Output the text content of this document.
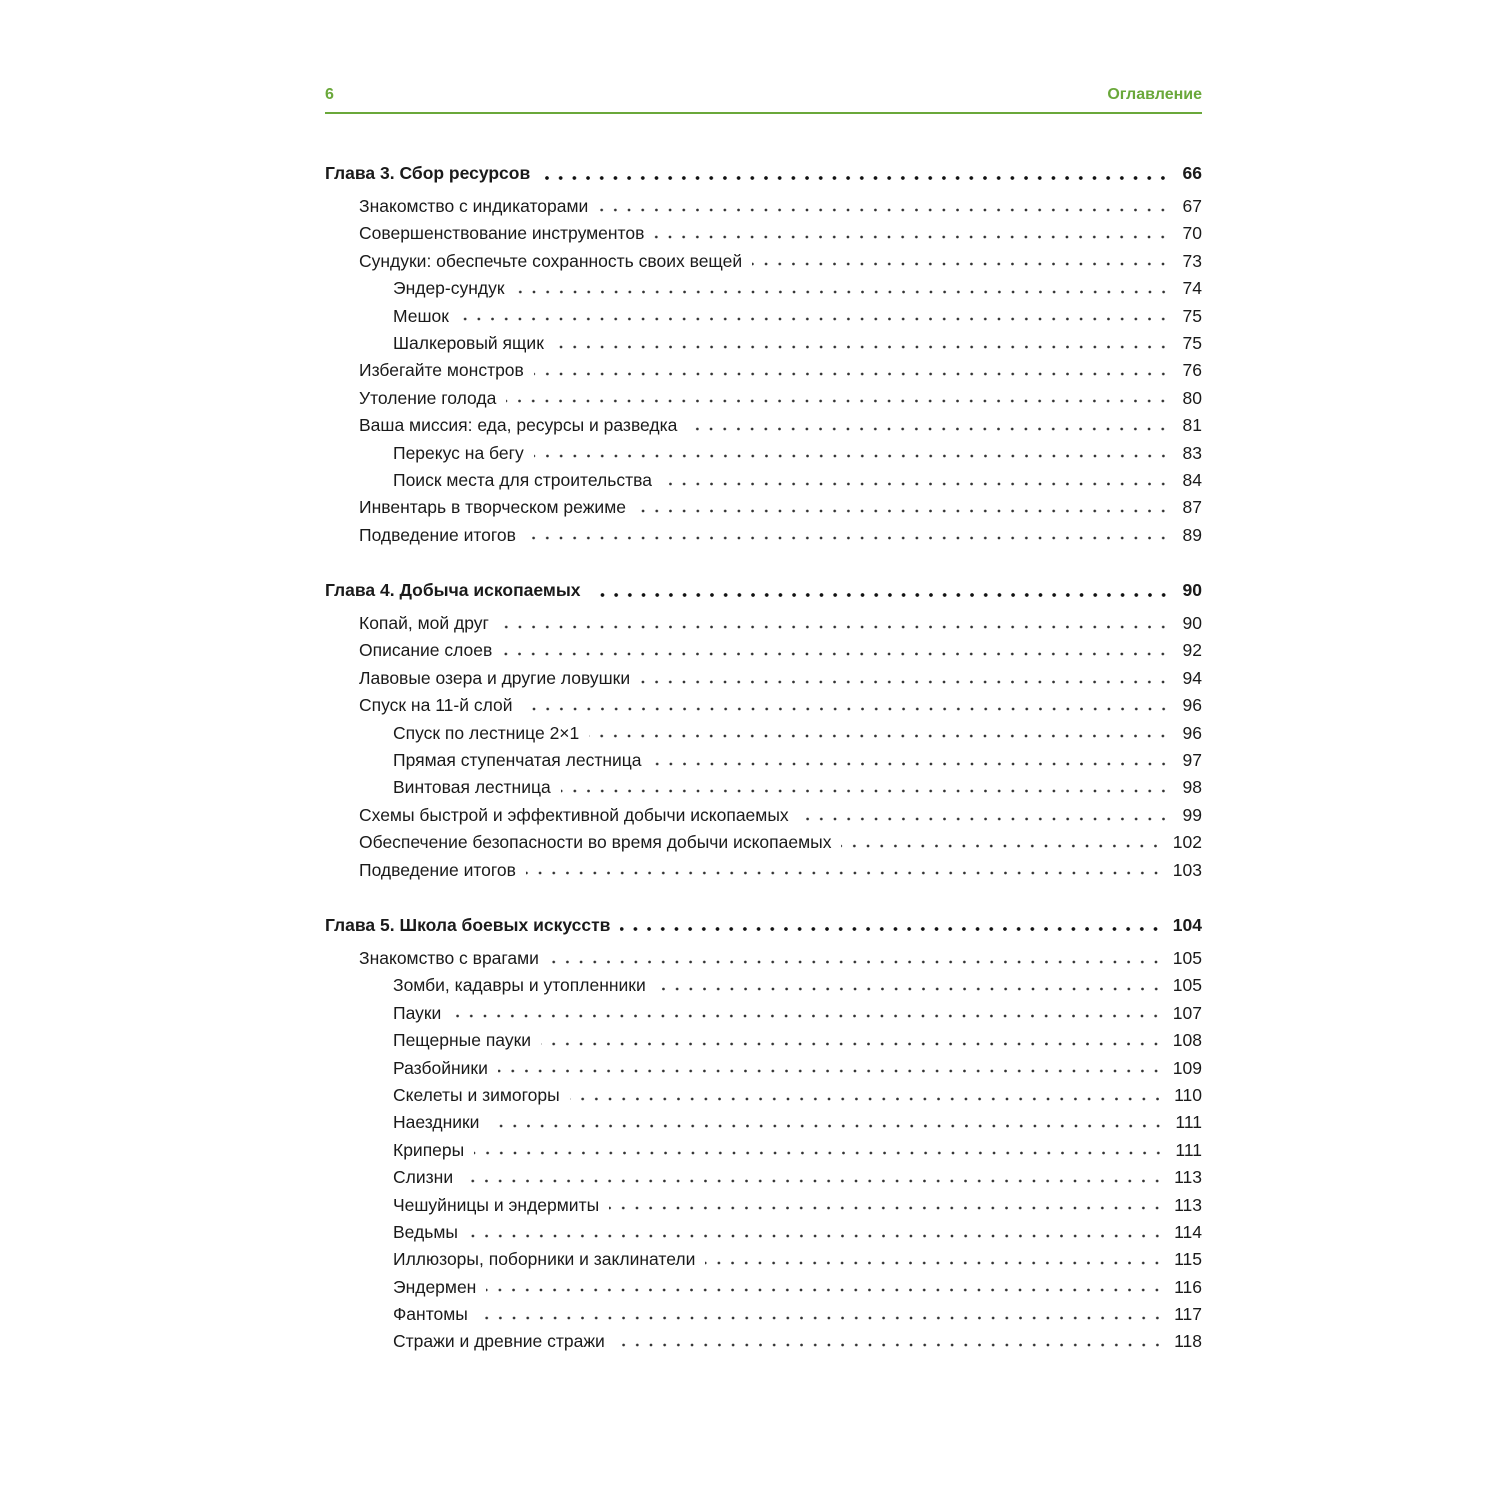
6	Оглавление
Глава 3. Сбор ресурсов	66
Знакомство с индикаторами	67
Совершенствование инструментов	70
Сундуки: обеспечьте сохранность своих вещей	73
Эндер-сундук	74
Мешок	75
Шалкеровый ящик	75
Избегайте монстров	76
Утоление голода	80
Ваша миссия: еда, ресурсы и разведка	81
Перекус на бегу	83
Поиск места для строительства	84
Инвентарь в творческом режиме	87
Подведение итогов	89
Глава 4. Добыча ископаемых	90
Копай, мой друг	90
Описание слоев	92
Лавовые озера и другие ловушки	94
Спуск на 11-й слой	96
Спуск по лестнице 2×1	96
Прямая ступенчатая лестница	97
Винтовая лестница	98
Схемы быстрой и эффективной добычи ископаемых	99
Обеспечение безопасности во время добычи ископаемых	102
Подведение итогов	103
Глава 5. Школа боевых искусств	104
Знакомство с врагами	105
Зомби, кадавры и утопленники	105
Пауки	107
Пещерные пауки	108
Разбойники	109
Скелеты и зимогоры	110
Наездники	111
Криперы	111
Слизни	113
Чешуйницы и эндермиты	113
Ведьмы	114
Иллюзоры, поборники и заклинатели	115
Эндермен	116
Фантомы	117
Стражи и древние стражи	118
